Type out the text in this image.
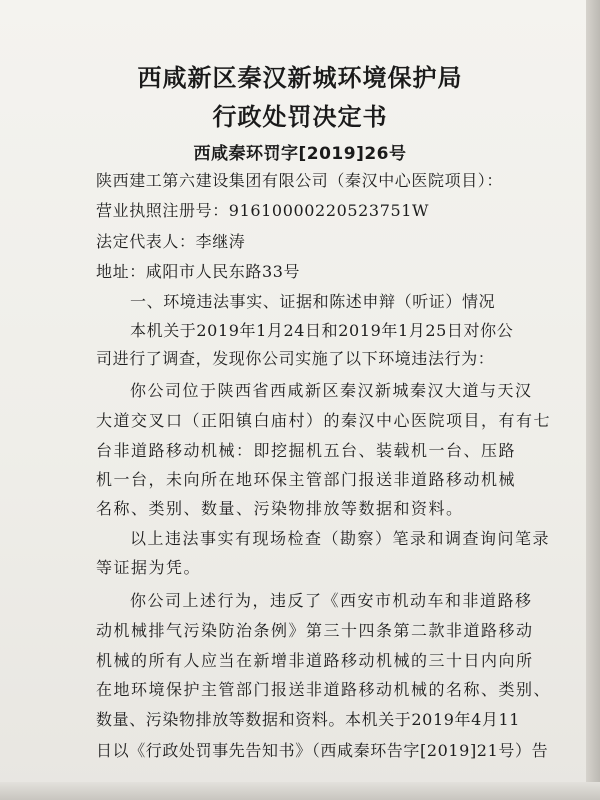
西咸新区秦汉新城环境保护局
行政处罚决定书
西咸秦环罚字[2019]26号
陕西建工第六建设集团有限公司（秦汉中心医院项目）：
营业执照注册号：91610000220523751W
法定代表人：李继涛
地址：咸阳市人民东路33号
一、环境违法事实、证据和陈述申辩（听证）情况
本机关于2019年1月24日和2019年1月25日对你公
司进行了调查，发现你公司实施了以下环境违法行为：
你公司位于陕西省西咸新区秦汉新城秦汉大道与天汉
大道交叉口（正阳镇白庙村）的秦汉中心医院项目，有有七
台非道路移动机械：即挖掘机五台、装载机一台、压路
机一台，未向所在地环保主管部门报送非道路移动机械
名称、类别、数量、污染物排放等数据和资料。
以上违法事实有现场检查（勘察）笔录和调查询问笔录
等证据为凭。
你公司上述行为，违反了《西安市机动车和非道路移
动机械排气污染防治条例》第三十四条第二款非道路移动
机械的所有人应当在新增非道路移动机械的三十日内向所
在地环境保护主管部门报送非道路移动机械的名称、类别、
数量、污染物排放等数据和资料。本机关于2019年4月11
日以《行政处罚事先告知书》（西咸秦环告字[2019]21号）告
